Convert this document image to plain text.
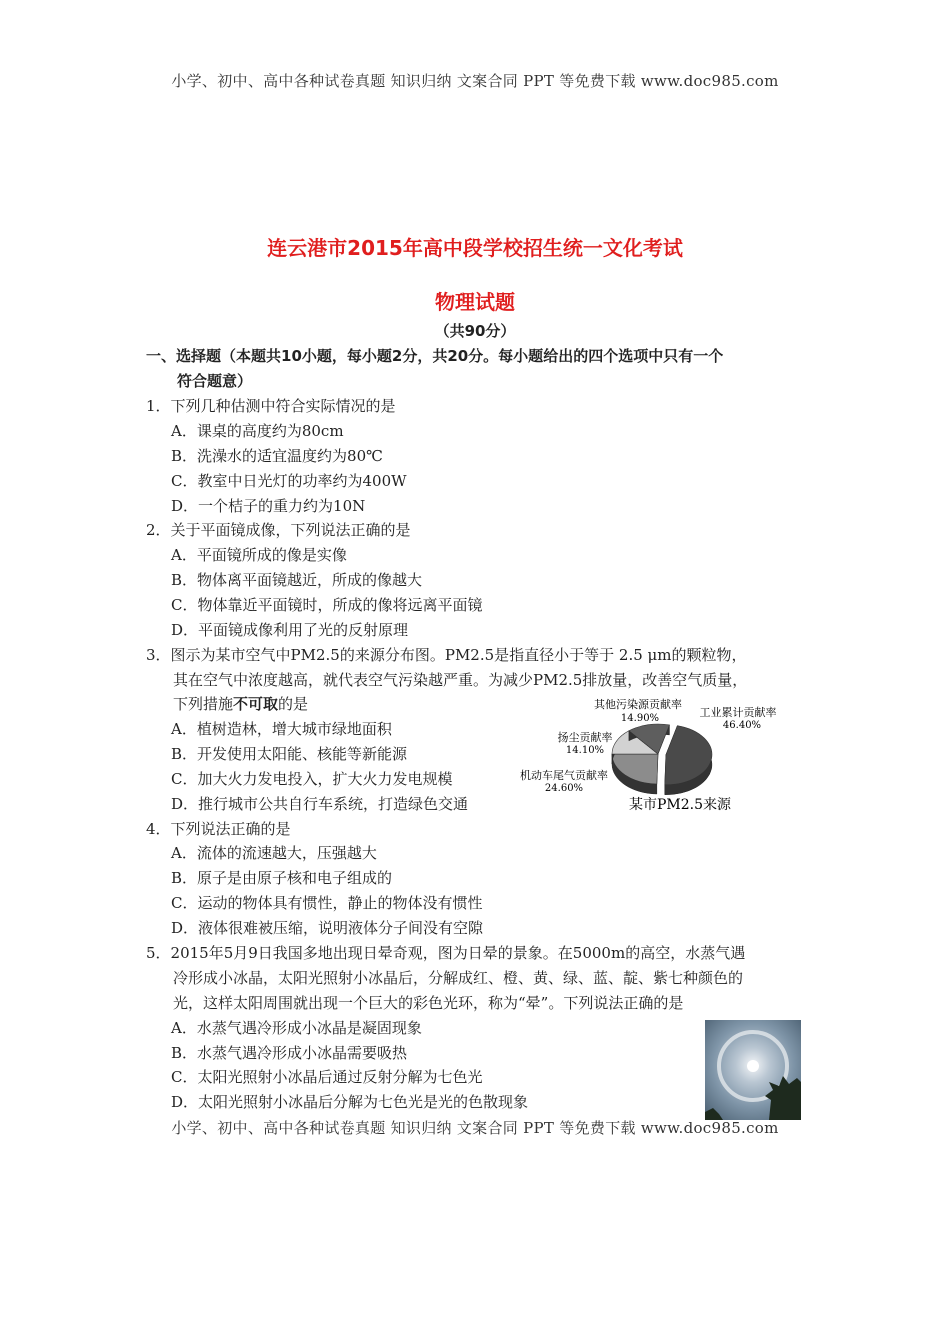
小学、初中、高中各种试卷真题 知识归纳 文案合同 PPT 等免费下载 www.doc985.com
连云港市2015年高中段学校招生统一文化考试
物理试题
（共90分）
一、选择题（本题共10小题，每小题2分，共20分。每小题给出的四个选项中只有一个
符合题意）
1．下列几种估测中符合实际情况的是
A．课桌的高度约为80cm
B．洗澡水的适宜温度约为80℃
C．教室中日光灯的功率约为400W
D．一个桔子的重力约为10N
2．关于平面镜成像，下列说法正确的是
A．平面镜所成的像是实像
B．物体离平面镜越近，所成的像越大
C．物体靠近平面镜时，所成的像将远离平面镜
D．平面镜成像利用了光的反射原理
3．图示为某市空气中PM2.5的来源分布图。PM2.5是指直径小于等于 2.5 μm的颗粒物，
其在空气中浓度越高，就代表空气污染越严重。为减少PM2.5排放量，改善空气质量，
下列措施不可取的是
A．植树造林，增大城市绿地面积
B．开发使用太阳能、核能等新能源
C．加大火力发电投入，扩大火力发电规模
D．推行城市公共自行车系统，打造绿色交通
其他污染源贡献率
14.90%	工业累计贡献率
46.40%
扬尘贡献率
14.10%
机动车尾气贡献率
24.60%
某市PM2.5来源
4．下列说法正确的是
A．流体的流速越大，压强越大
B．原子是由原子核和电子组成的
C．运动的物体具有惯性，静止的物体没有惯性
D．液体很难被压缩，说明液体分子间没有空隙
5．2015年5月9日我国多地出现日晕奇观，图为日晕的景象。在5000m的高空，水蒸气遇
冷形成小冰晶，太阳光照射小冰晶后，分解成红、橙、黄、绿、蓝、靛、紫七种颜色的
光，这样太阳周围就出现一个巨大的彩色光环，称为“晕”。下列说法正确的是
A．水蒸气遇冷形成小冰晶是凝固现象
B．水蒸气遇冷形成小冰晶需要吸热
C．太阳光照射小冰晶后通过反射分解为七色光
D．太阳光照射小冰晶后分解为七色光是光的色散现象
小学、初中、高中各种试卷真题 知识归纳 文案合同 PPT 等免费下载 www.doc985.com
